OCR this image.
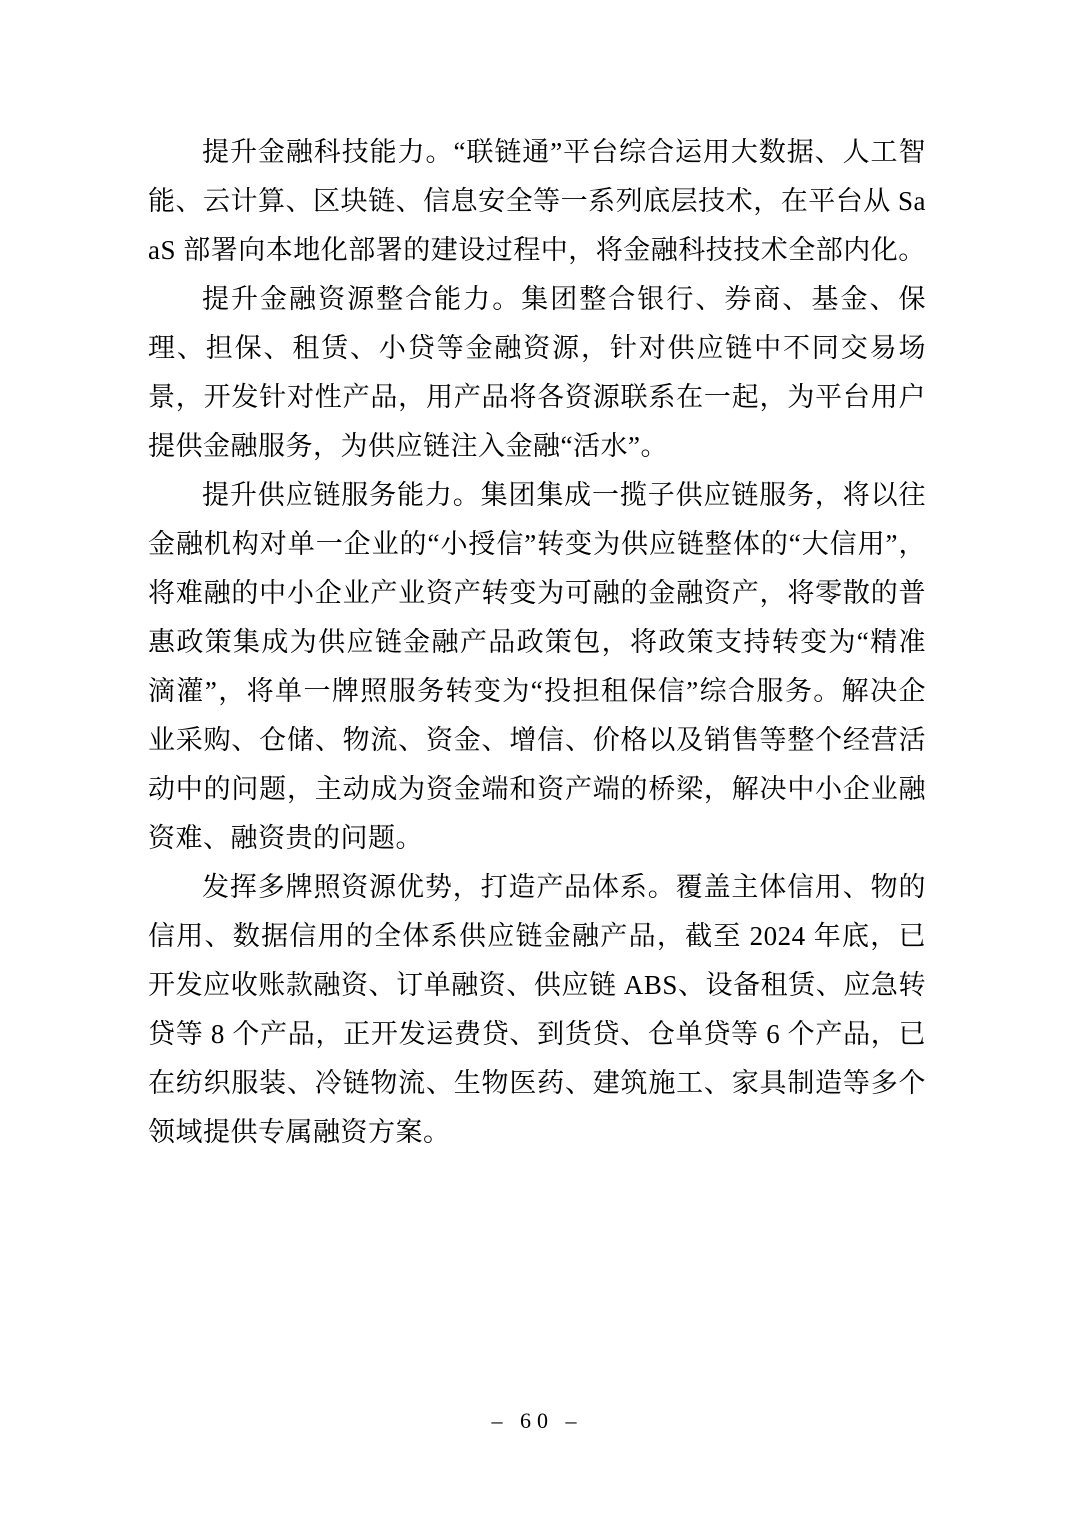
提升金融科技能力。“联链通”平台综合运用大数据、人工智能、云计算、区块链、信息安全等一系列底层技术，在平台从 SaaS 部署向本地化部署的建设过程中，将金融科技技术全部内化。

提升金融资源整合能力。集团整合银行、券商、基金、保理、担保、租赁、小贷等金融资源，针对供应链中不同交易场景，开发针对性产品，用产品将各资源联系在一起，为平台用户提供金融服务，为供应链注入金融“活水”。

提升供应链服务能力。集团集成一揽子供应链服务，将以往金融机构对单一企业的“小授信”转变为供应链整体的“大信用”，将难融的中小企业产业资产转变为可融的金融资产，将零散的普惠政策集成为供应链金融产品政策包，将政策支持转变为“精准滴灌”，将单一牌照服务转变为“投担租保信”综合服务。解决企业采购、仓储、物流、资金、增信、价格以及销售等整个经营活动中的问题，主动成为资金端和资产端的桥梁，解决中小企业融资难、融资贵的问题。

发挥多牌照资源优势，打造产品体系。覆盖主体信用、物的信用、数据信用的全体系供应链金融产品，截至 2024 年底，已开发应收账款融资、订单融资、供应链 ABS、设备租赁、应急转贷等 8 个产品，正开发运费贷、到货贷、仓单贷等 6 个产品，已在纺织服装、冷链物流、生物医药、建筑施工、家具制造等多个领域提供专属融资方案。

– 60 –
